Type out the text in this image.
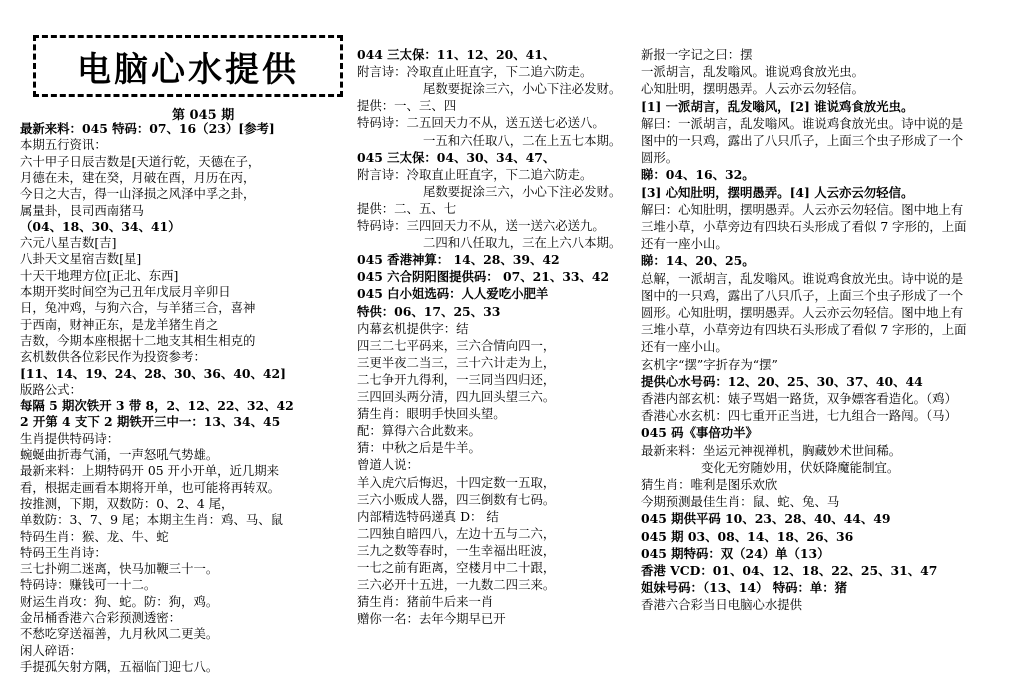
电脑心水提供
第 045 期
最新来料：045 特码：07、16（23）[参考]
本期五行资讯：
六十甲子日辰吉数是[天道行乾，天德在子，
月德在未，建在癸，月破在酉，月历在丙，
今日之大吉，得一山泽损之风泽中孚之卦，
属量卦，艮司西南猪马
（04、18、30、34、41）
六元八星吉数[吉]
八卦天文星宿吉数[星]
十天干地理方位[正北、东西]
本期开奖时间空为己丑年戊辰月辛卯日
日，兔冲鸡，与狗六合，与羊猪三合，喜神
于西南，财神正东，是龙羊猪生肖之
吉数，今期本座根据十二地支其相生相克的
玄机数供各位彩民作为投资参考：
[11、14、19、24、28、30、36、40、42]
版路公式：
每隔 5 期次铁开 3 带 8，2、12、22、32、42
2 开第 4 支下 2 期铁开三中一：13、34、45
生肖提供特码诗：
蜿蜒曲折毒气涌，一声怒吼气势雄。
最新来料：上期特码开 05 开小开单，近几期来
看，根据走画看本期将开单，也可能将再转双。
按推测，下期，双数防：0、2、4 尾，
单数防：3、7、9 尾；本期主生肖：鸡、马、鼠
特码生肖：猴、龙、牛、蛇
特码王生肖诗：
三七扑朔二迷离，快马加鞭三十一。
特码诗：赚钱可一十二。
财运生肖攻：狗、蛇。防：狗，鸡。
金吊桶香港六合彩预测透密：
不愁吃穿送福善，九月秋风二更美。
闲人碎语：
手提孤矢射方隅，五福临门迎七八。
044 三太保：11、12、20、41、
附言诗：冷取直止旺直字，下二追六防走。
尾数要捉涂三六，小心下注必发财。
提供：一、三、四
特码诗：二五回天力不从，送五送七必送八。
一五和六任取八，二在上五七本期。
045 三太保：04、30、34、47、
附言诗：冷取直止旺直字，下二追六防走。
尾数要捉涂三六，小心下注必发财。
提供：二、五、七
特码诗：三四回天力不从，送一送六必送九。
二四和八任取九，三在上六八本期。
045 香港神算： 14、28、39、42
045 六合阴阳图提供码： 07、21、33、42
045 白小姐选码：人人爱吃小肥羊
特供：06、17、25、33
内幕玄机提供字：结
四三二七平码来，三六合情向四一，
三更半夜二当三，三十六计走为上，
二七争开九得利，一三同当四归还，
三四回头两分清，四九回头望三六。
猜生肖：眼明手快回头望。
配：算得六合此数来。
猜：中秋之后是牛羊。
曾道人说：
羊入虎穴后悔迟，十四定数一五取，
三六小贩成人器，四三倒数有七码。
内部精选特码递真 D： 结
二四独自暗四八，左边十五与二六，
三九之数等春时，一生幸福出旺波，
一七之前有距离，空楼月中二十跟，
三六必开十五进，一九数二四三来。
猜生肖：猪前牛后来一肖
赠你一名：去年今期早已开
新报一字记之曰：摆
一派胡言，乱发嗡风。谁说鸡食放光虫。
心知肚明，摆明愚弄。人云亦云勿轻信。
[1] 一派胡言，乱发嗡风，[2] 谁说鸡食放光虫。
解曰：一派胡言，乱发嗡风。谁说鸡食放光虫。诗中说的是
图中的一只鸡，露出了八只爪子，上面三个虫子形成了一个
圆形。
睇：04、16、32。
[3] 心知肚明，摆明愚弄。[4] 人云亦云勿轻信。
解曰：心知肚明，摆明愚弄。人云亦云勿轻信。图中地上有
三堆小草，小草旁边有四块石头形成了看似 7 字形的，上面
还有一座小山。
睇：14、20、25。
总解，一派胡言，乱发嗡风。谁说鸡食放光虫。诗中说的是
图中的一只鸡，露出了八只爪子，上面三个虫子形成了一个
圆形。心知肚明，摆明愚弄。人云亦云勿轻信。图中地上有
三堆小草，小草旁边有四块石头形成了看似 7 字形的，上面
还有一座小山。
玄机字“摆”字折存为“摆”
提供心水号码：12、20、25、30、37、40、44
香港内部玄机：婊子骂娼一路货，双争嫖客看造化。（鸡）
香港心水玄机：四七重开正当进，七九组合一路闯。（马）
045 码《事倍功半》
最新来料：坐运元神视禅机，胸藏妙术世间稀。
变化无穷随妙用，伏妖降魔能制宜。
猜生肖：唯利是图乐欢欣
今期预测最佳生肖：鼠、蛇、兔、马
045 期供平码 10、23、28、40、44、49
045 期 03、08、14、18、26、36
045 期特码：双（24）单（13）
香港 VCD：01、04、12、18、22、25、31、47
姐妹号码：（13、14） 特码：单：猪
香港六合彩当日电脑心水提供
